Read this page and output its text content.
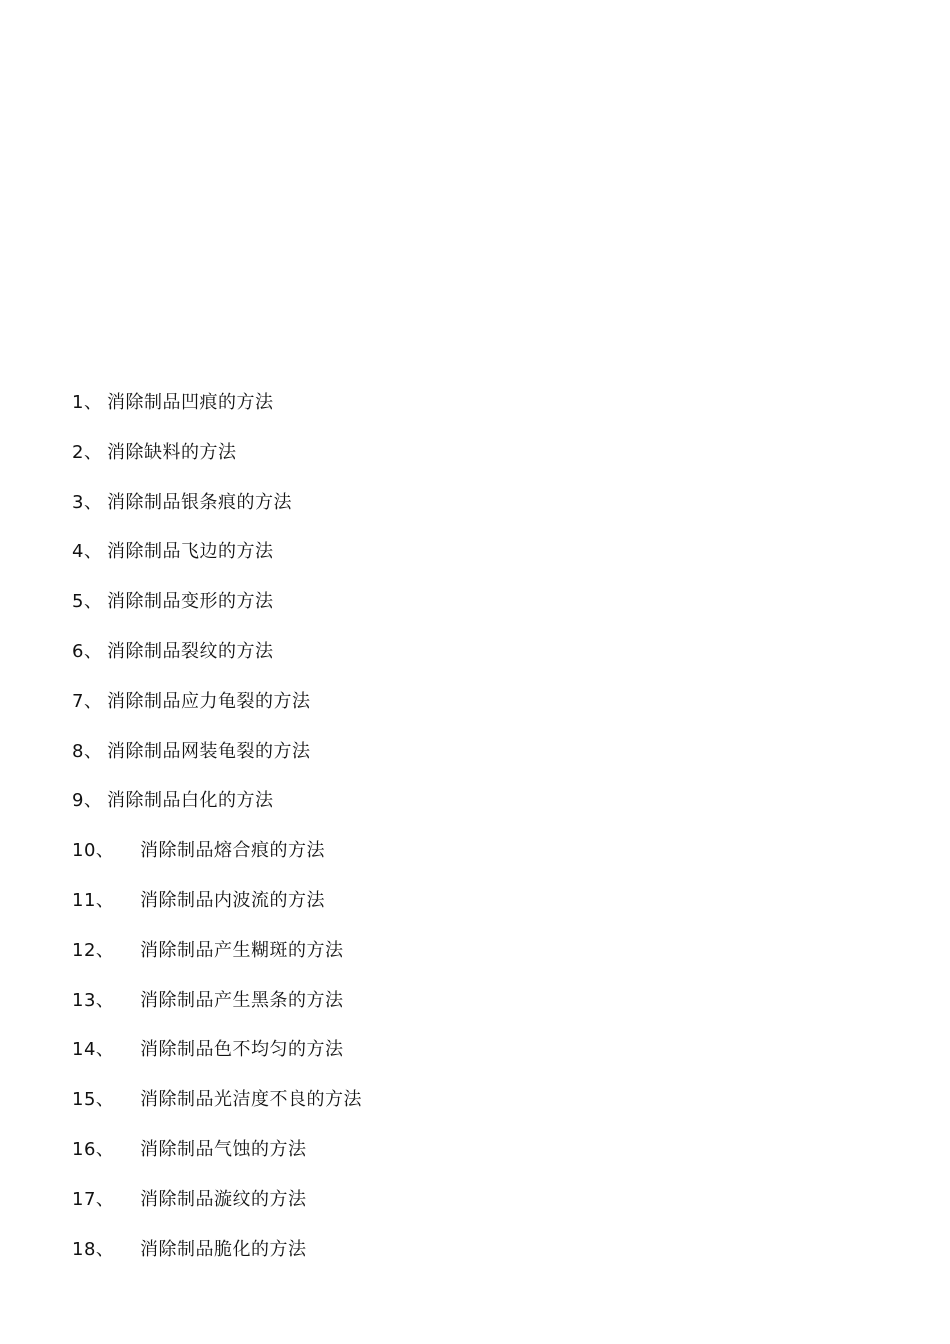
1、 消除制品凹痕的方法
2、 消除缺料的方法
3、 消除制品银条痕的方法
4、 消除制品飞边的方法
5、 消除制品变形的方法
6、 消除制品裂纹的方法
7、 消除制品应力龟裂的方法
8、 消除制品网装龟裂的方法
9、 消除制品白化的方法
10、	消除制品熔合痕的方法
11、	消除制品内波流的方法
12、	消除制品产生糊斑的方法
13、	消除制品产生黑条的方法
14、	消除制品色不均匀的方法
15、	消除制品光洁度不良的方法
16、	消除制品气蚀的方法
17、	消除制品漩纹的方法
18、	消除制品脆化的方法
